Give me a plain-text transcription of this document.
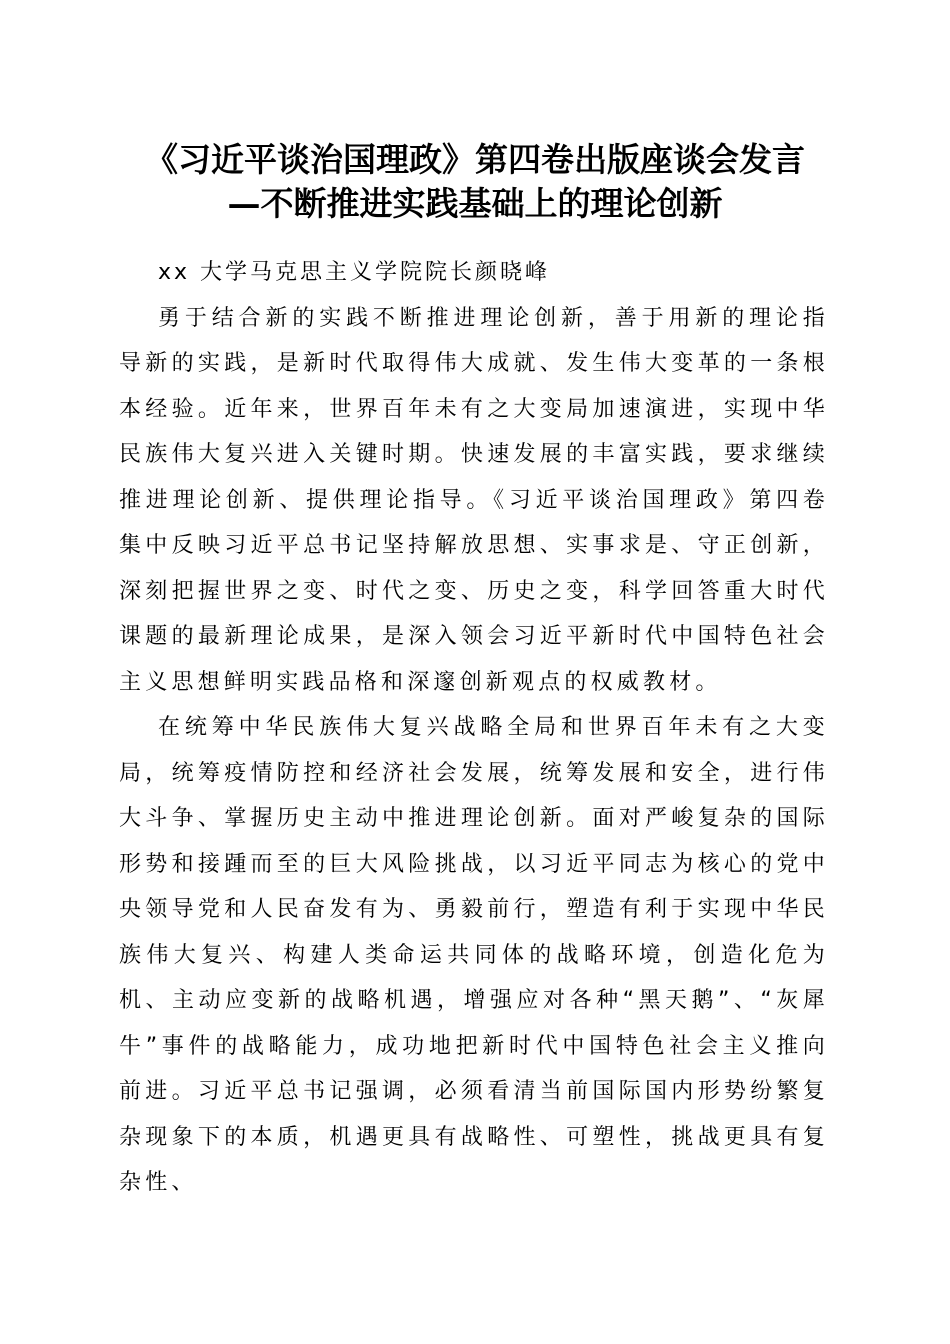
《习近平谈治国理政》第四卷出版座谈会发言
—不断推进实践基础上的理论创新

xx 大学马克思主义学院院长颜晓峰

勇于结合新的实践不断推进理论创新，善于用新的理论指导新的实践，是新时代取得伟大成就、发生伟大变革的一条根本经验。近年来，世界百年未有之大变局加速演进，实现中华民族伟大复兴进入关键时期。快速发展的丰富实践，要求继续推进理论创新、提供理论指导。《习近平谈治国理政》第四卷集中反映习近平总书记坚持解放思想、实事求是、守正创新，深刻把握世界之变、时代之变、历史之变，科学回答重大时代课题的最新理论成果，是深入领会习近平新时代中国特色社会主义思想鲜明实践品格和深邃创新观点的权威教材。

在统筹中华民族伟大复兴战略全局和世界百年未有之大变局，统筹疫情防控和经济社会发展，统筹发展和安全，进行伟大斗争、掌握历史主动中推进理论创新。面对严峻复杂的国际形势和接踵而至的巨大风险挑战，以习近平同志为核心的党中央领导党和人民奋发有为、勇毅前行，塑造有利于实现中华民族伟大复兴、构建人类命运共同体的战略环境，创造化危为机、主动应变新的战略机遇，增强应对各种“黑天鹅”、“灰犀牛”事件的战略能力，成功地把新时代中国特色社会主义推向前进。习近平总书记强调，必须看清当前国际国内形势纷繁复杂现象下的本质，机遇更具有战略性、可塑性，挑战更具有复杂性、
